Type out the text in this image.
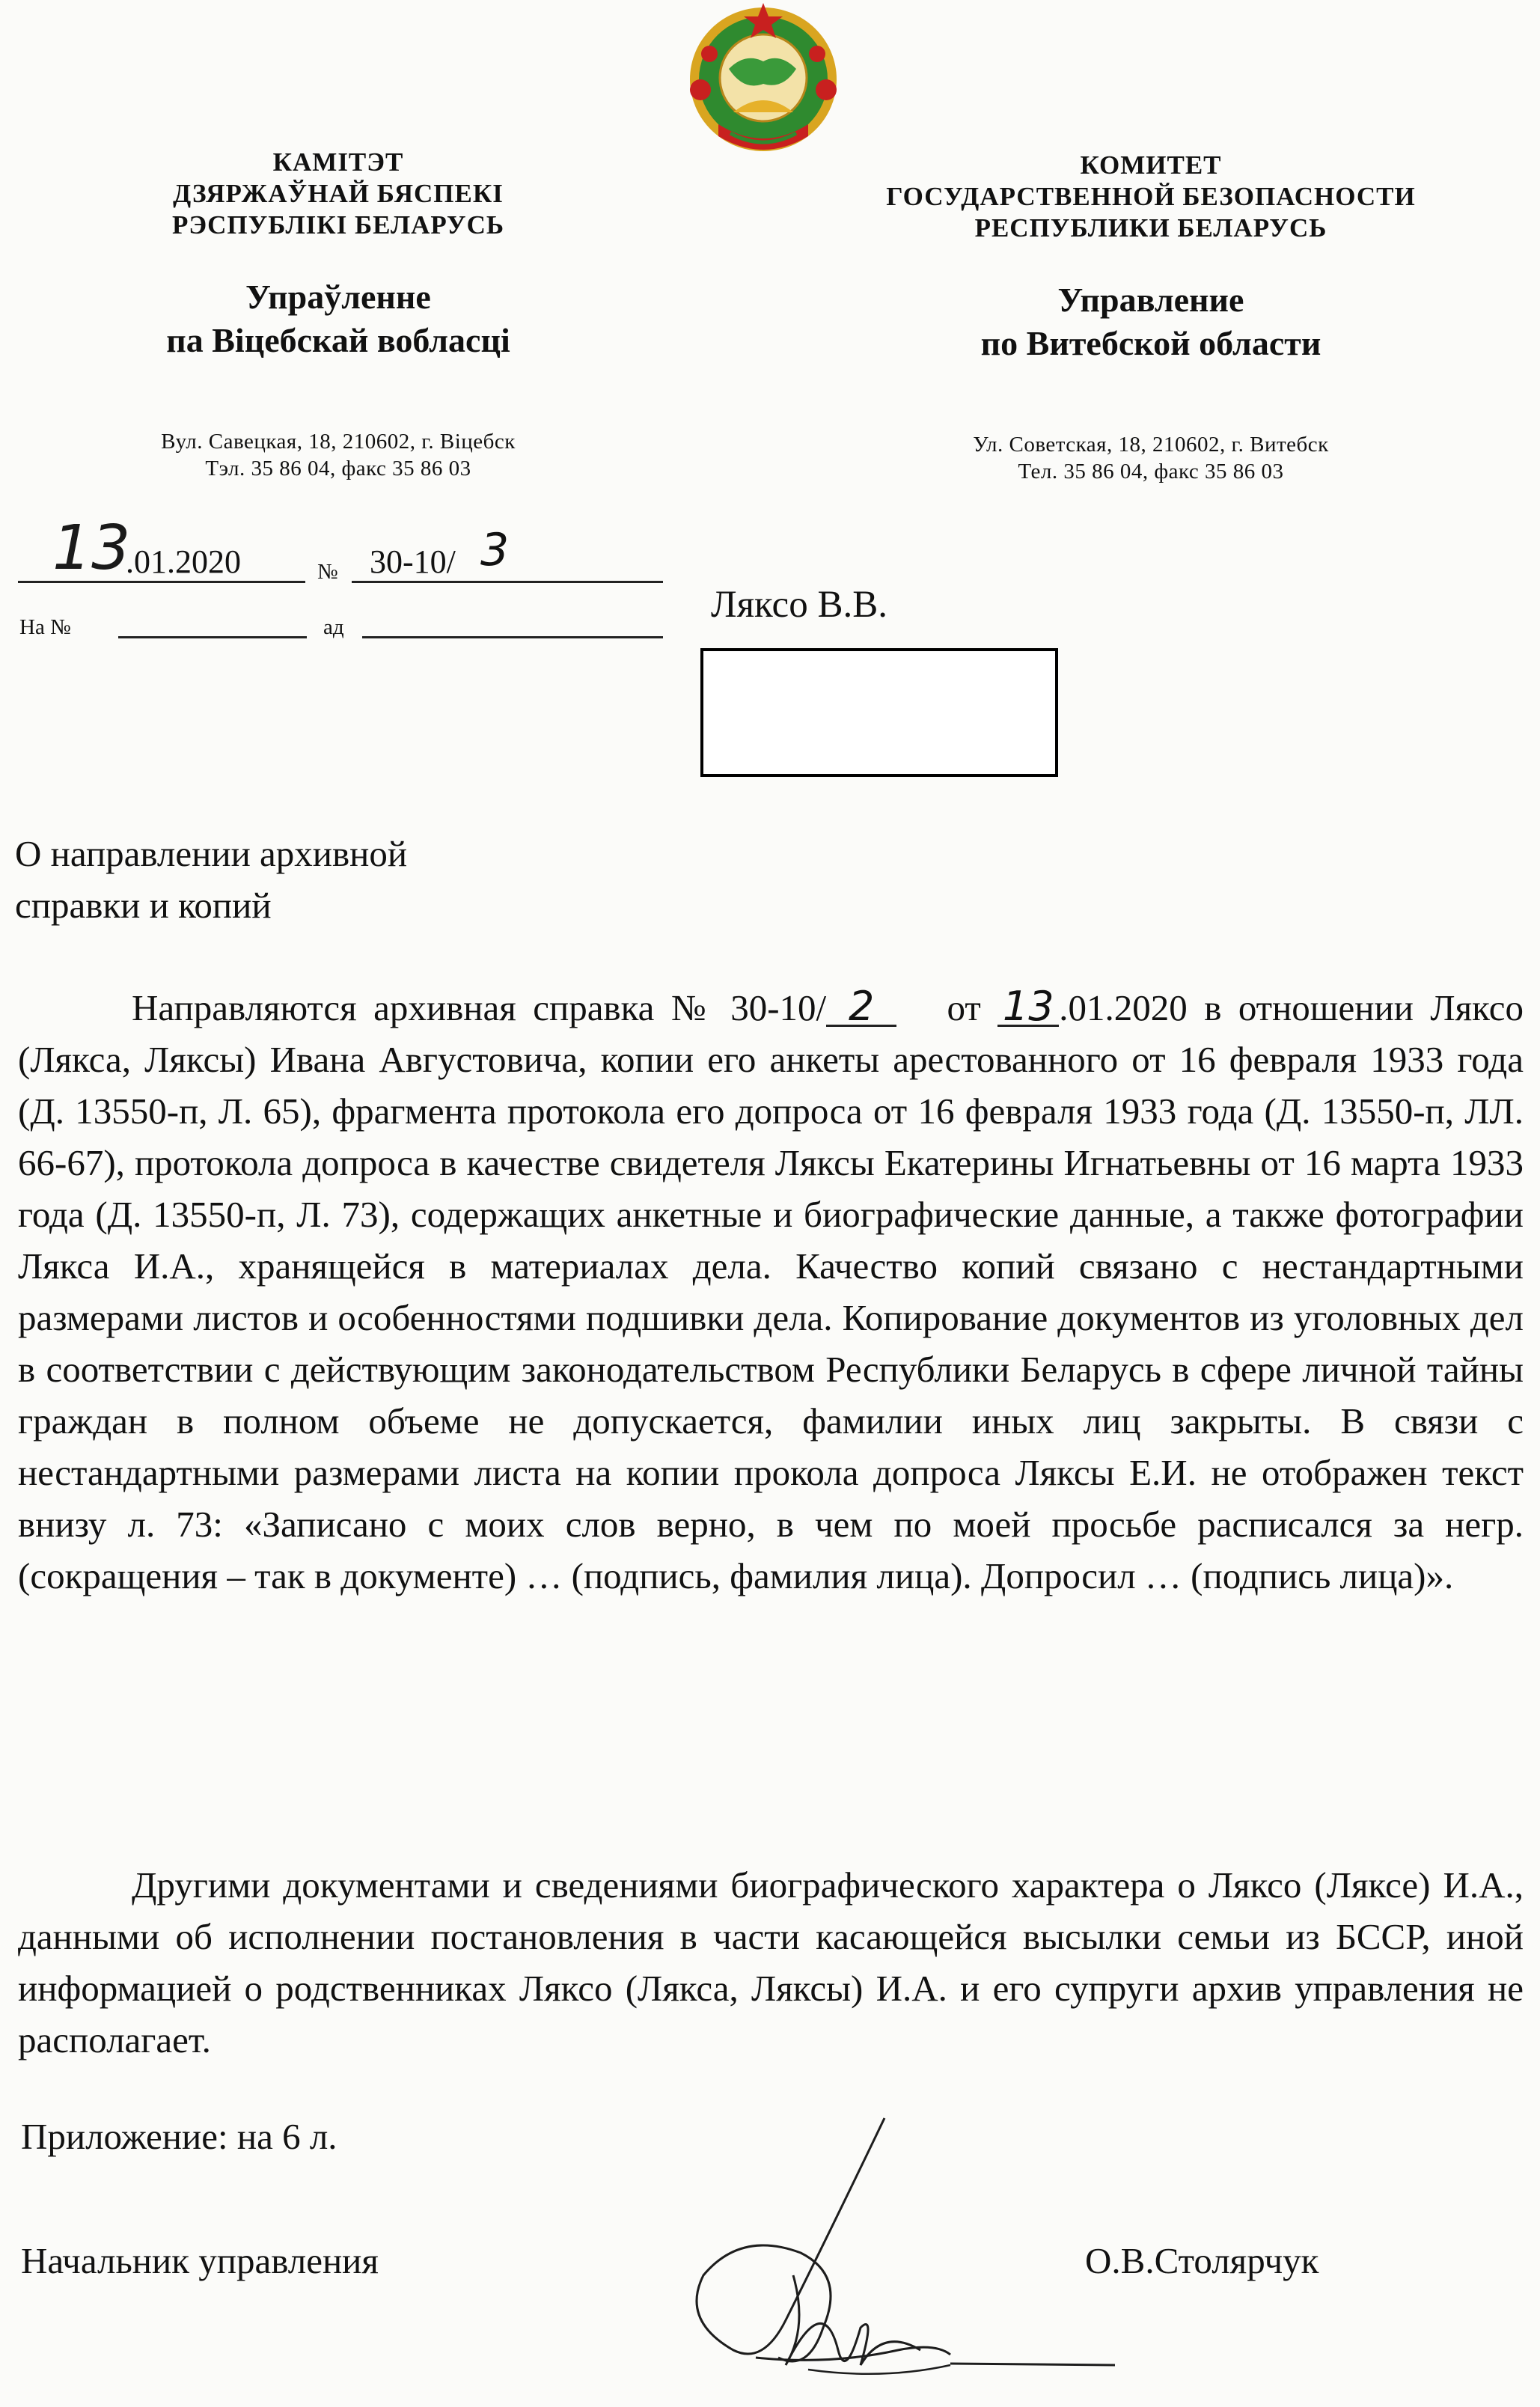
КАМІТЭТ
ДЗЯРЖАЎНАЙ БЯСПЕКІ
РЭСПУБЛІКІ БЕЛАРУСЬ
Упраўленне
па Віцебскай вобласці
Вул. Савецкая, 18, 210602, г. Віцебск
Тэл. 35 86 04, факс 35 86 03
КОМИТЕТ
ГОСУДАРСТВЕННОЙ БЕЗОПАСНОСТИ
РЕСПУБЛИКИ БЕЛАРУСЬ
Управление
по Витебской области
Ул. Советская, 18, 210602, г. Витебск
Тел. 35 86 04, факс 35 86 03
13
.01.2020	№ 30-10/ 3
На №	ад
Ляксо В.В.
О направлении архивной
справки и копий
Направляются архивная справка № 30-10/ 2 от 13 .01.2020 в отношении Ляксо (Лякса, Ляксы) Ивана Августовича, копии его анкеты арестованного от 16 февраля 1933 года (Д. 13550-п, Л. 65), фрагмента протокола его допроса от 16 февраля 1933 года (Д. 13550-п, ЛЛ. 66-67), протокола допроса в качестве свидетеля Ляксы Екатерины Игнатьевны от 16 марта 1933 года (Д. 13550-п, Л. 73), содержащих анкетные и биографические данные, а также фотографии Лякса И.А., хранящейся в материалах дела. Качество копий связано с нестандартными размерами листов и особенностями подшивки дела. Копирование документов из уголовных дел в соответствии с действующим законодательством Республики Беларусь в сфере личной тайны граждан в полном объеме не допускается, фамилии иных лиц закрыты. В связи с нестандартными размерами листа на копии прокола допроса Ляксы Е.И. не отображен текст внизу л. 73: «Записано с моих слов верно, в чем по моей просьбе расписался за негр. (сокращения – так в документе) … (подпись, фамилия лица). Допросил … (подпись лица)».
Другими документами и сведениями биографического характера о Ляксо (Ляксе) И.А., данными об исполнении постановления в части касающейся высылки семьи из БССР, иной информацией о родственниках Ляксо (Лякса, Ляксы) И.А. и его супруги архив управления не располагает.
Приложение: на 6 л.
Начальник управления	О.В.Столярчук
